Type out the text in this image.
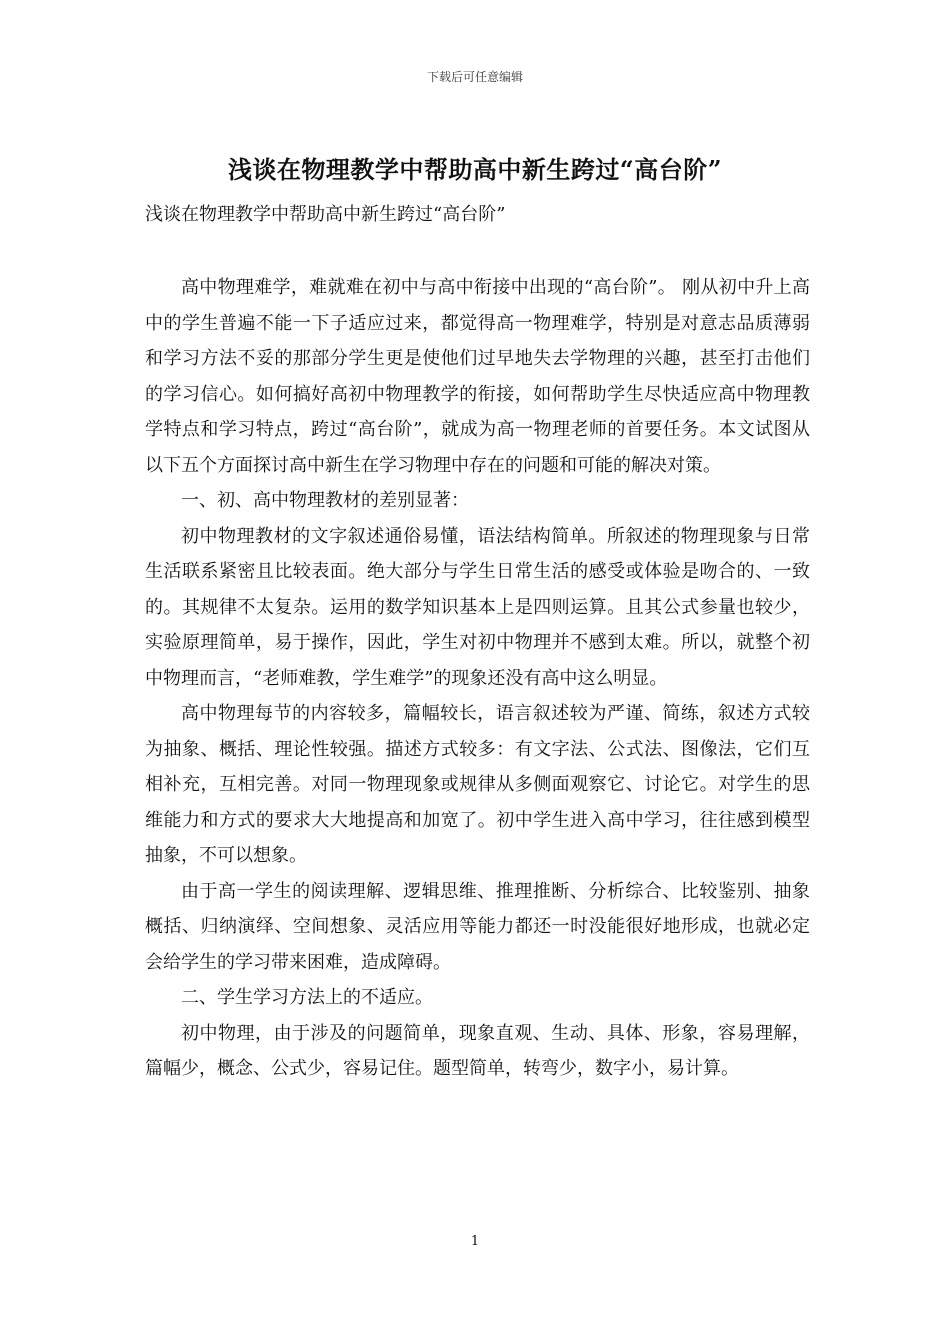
下载后可任意编辑
浅谈在物理教学中帮助高中新生跨过“高台阶”
浅谈在物理教学中帮助高中新生跨过“高台阶”

高中物理难学，难就难在初中与高中衔接中出现的“高台阶”。 刚从初中升上高中的学生普遍不能一下子适应过来，都觉得高一物理难学，特别是对意志品质薄弱和学习方法不妥的那部分学生更是使他们过早地失去学物理的兴趣，甚至打击他们的学习信心。如何搞好高初中物理教学的衔接，如何帮助学生尽快适应高中物理教学特点和学习特点，跨过“高台阶”，就成为高一物理老师的首要任务。本文试图从以下五个方面探讨高中新生在学习物理中存在的问题和可能的解决对策。

一、初、高中物理教材的差别显著：

初中物理教材的文字叙述通俗易懂，语法结构简单。所叙述的物理现象与日常生活联系紧密且比较表面。绝大部分与学生日常生活的感受或体验是吻合的、一致的。其规律不太复杂。运用的数学知识基本上是四则运算。且其公式参量也较少，实验原理简单，易于操作，因此，学生对初中物理并不感到太难。所以，就整个初中物理而言，“老师难教，学生难学”的现象还没有高中这么明显。

高中物理每节的内容较多，篇幅较长，语言叙述较为严谨、简练，叙述方式较为抽象、概括、理论性较强。描述方式较多：有文字法、公式法、图像法，它们互相补充，互相完善。对同一物理现象或规律从多侧面观察它、讨论它。对学生的思维能力和方式的要求大大地提高和加宽了。初中学生进入高中学习，往往感到模型抽象，不可以想象。

由于高一学生的阅读理解、逻辑思维、推理推断、分析综合、比较鉴别、抽象概括、归纳演绎、空间想象、灵活应用等能力都还一时没能很好地形成，也就必定会给学生的学习带来困难，造成障碍。

二、学生学习方法上的不适应。

初中物理，由于涉及的问题简单，现象直观、生动、具体、形象，容易理解，篇幅少，概念、公式少，容易记住。题型简单，转弯少，数字小，易计算。

1
